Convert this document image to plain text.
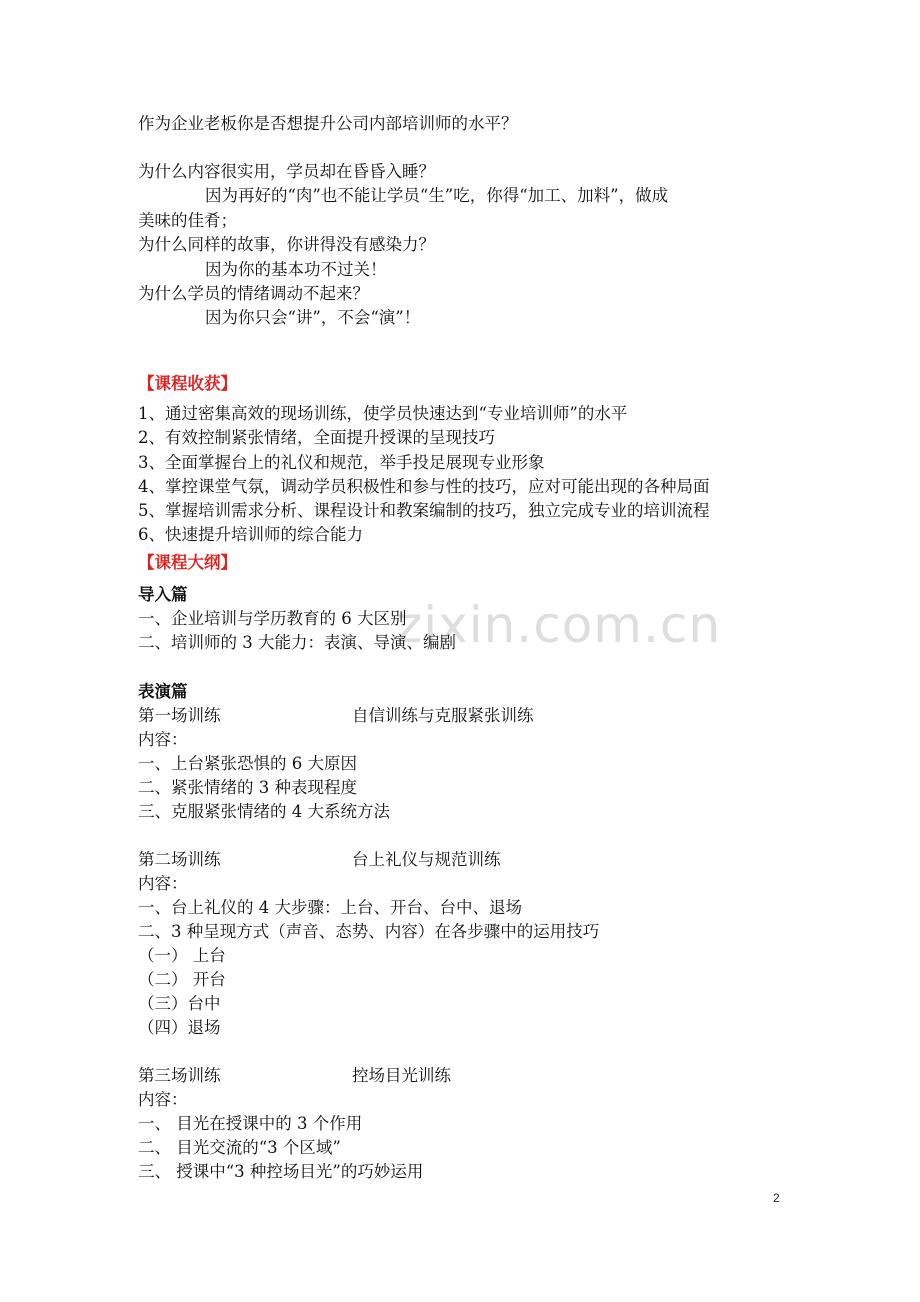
zixin.com.cn
作为企业老板你是否想提升公司内部培训师的水平？
为什么内容很实用，学员却在昏昏入睡？
因为再好的“肉”也不能让学员“生”吃，你得“加工、加料”，做成
美味的佳肴；
为什么同样的故事，你讲得没有感染力？
因为你的基本功不过关！
为什么学员的情绪调动不起来？
因为你只会“讲”，不会“演”！
【课程收获】
1、通过密集高效的现场训练，使学员快速达到“专业培训师”的水平
2、有效控制紧张情绪，全面提升授课的呈现技巧
3、全面掌握台上的礼仪和规范，举手投足展现专业形象
4、掌控课堂气氛，调动学员积极性和参与性的技巧，应对可能出现的各种局面
5、掌握培训需求分析、课程设计和教案编制的技巧，独立完成专业的培训流程
6、快速提升培训师的综合能力
【课程大纲】
导入篇
一、企业培训与学历教育的 6 大区别
二、培训师的 3 大能力：表演、导演、编剧
表演篇
第一场训练	自信训练与克服紧张训练
内容：
一、上台紧张恐惧的 6 大原因
二、紧张情绪的 3 种表现程度
三、克服紧张情绪的 4 大系统方法
第二场训练	台上礼仪与规范训练
内容：
一、台上礼仪的 4 大步骤：上台、开台、台中、退场
二、3 种呈现方式（声音、态势、内容）在各步骤中的运用技巧
（一） 上台
（二） 开台
（三）台中
（四）退场
第三场训练	控场目光训练
内容：
一、 目光在授课中的 3 个作用
二、 目光交流的“3 个区域”
三、 授课中“3 种控场目光”的巧妙运用
2
